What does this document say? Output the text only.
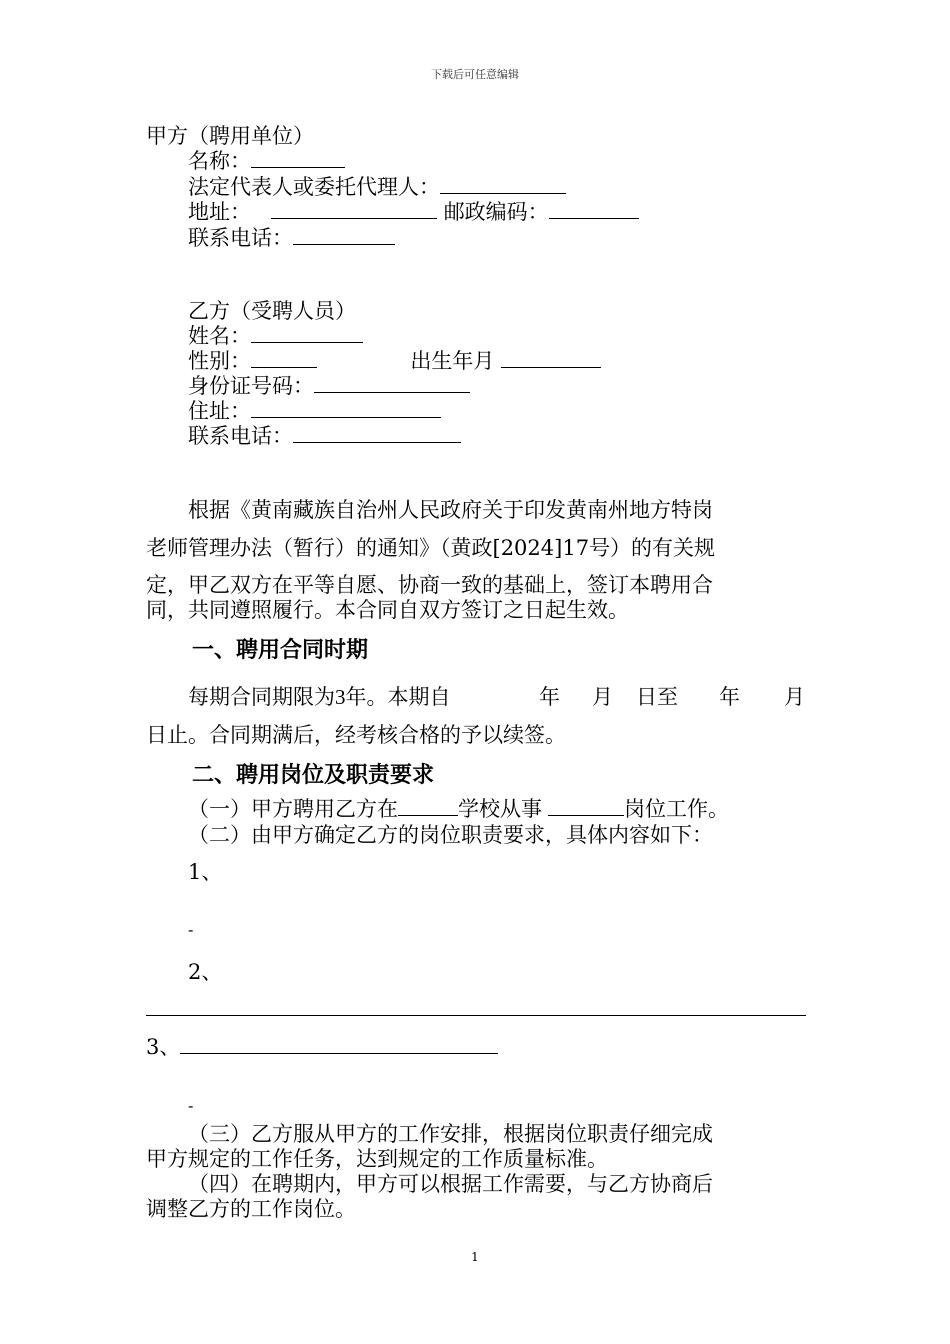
下载后可任意编辑
甲方（聘用单位）
名称：
法定代表人或委托代理人：
地址：	邮政编码：
联系电话：
乙方（受聘人员）
姓名：
性别：	出生年月
身份证号码：
住址：
联系电话：
根据《黄南藏族自治州人民政府关于印发黄南州地方特岗
老师管理办法（暂行）的通知》（黄政[2024]17号）的有关规
定，甲乙双方在平等自愿、协商一致的基础上，签订本聘用合
同，共同遵照履行。本合同自双方签订之日起生效。
一、聘用合同时期
每期合同期限为3年。本期自	年 月 日至 年 月
日止。合同期满后，经考核合格的予以续签。
二、聘用岗位及职责要求
（一）甲方聘用乙方在	学校从事	岗位工作。
（二）由甲方确定乙方的岗位职责要求，具体内容如下：
1、
-
2、
3、
-
（三）乙方服从甲方的工作安排，根据岗位职责仔细完成
甲方规定的工作任务，达到规定的工作质量标准。
（四）在聘期内，甲方可以根据工作需要，与乙方协商后
调整乙方的工作岗位。
1
